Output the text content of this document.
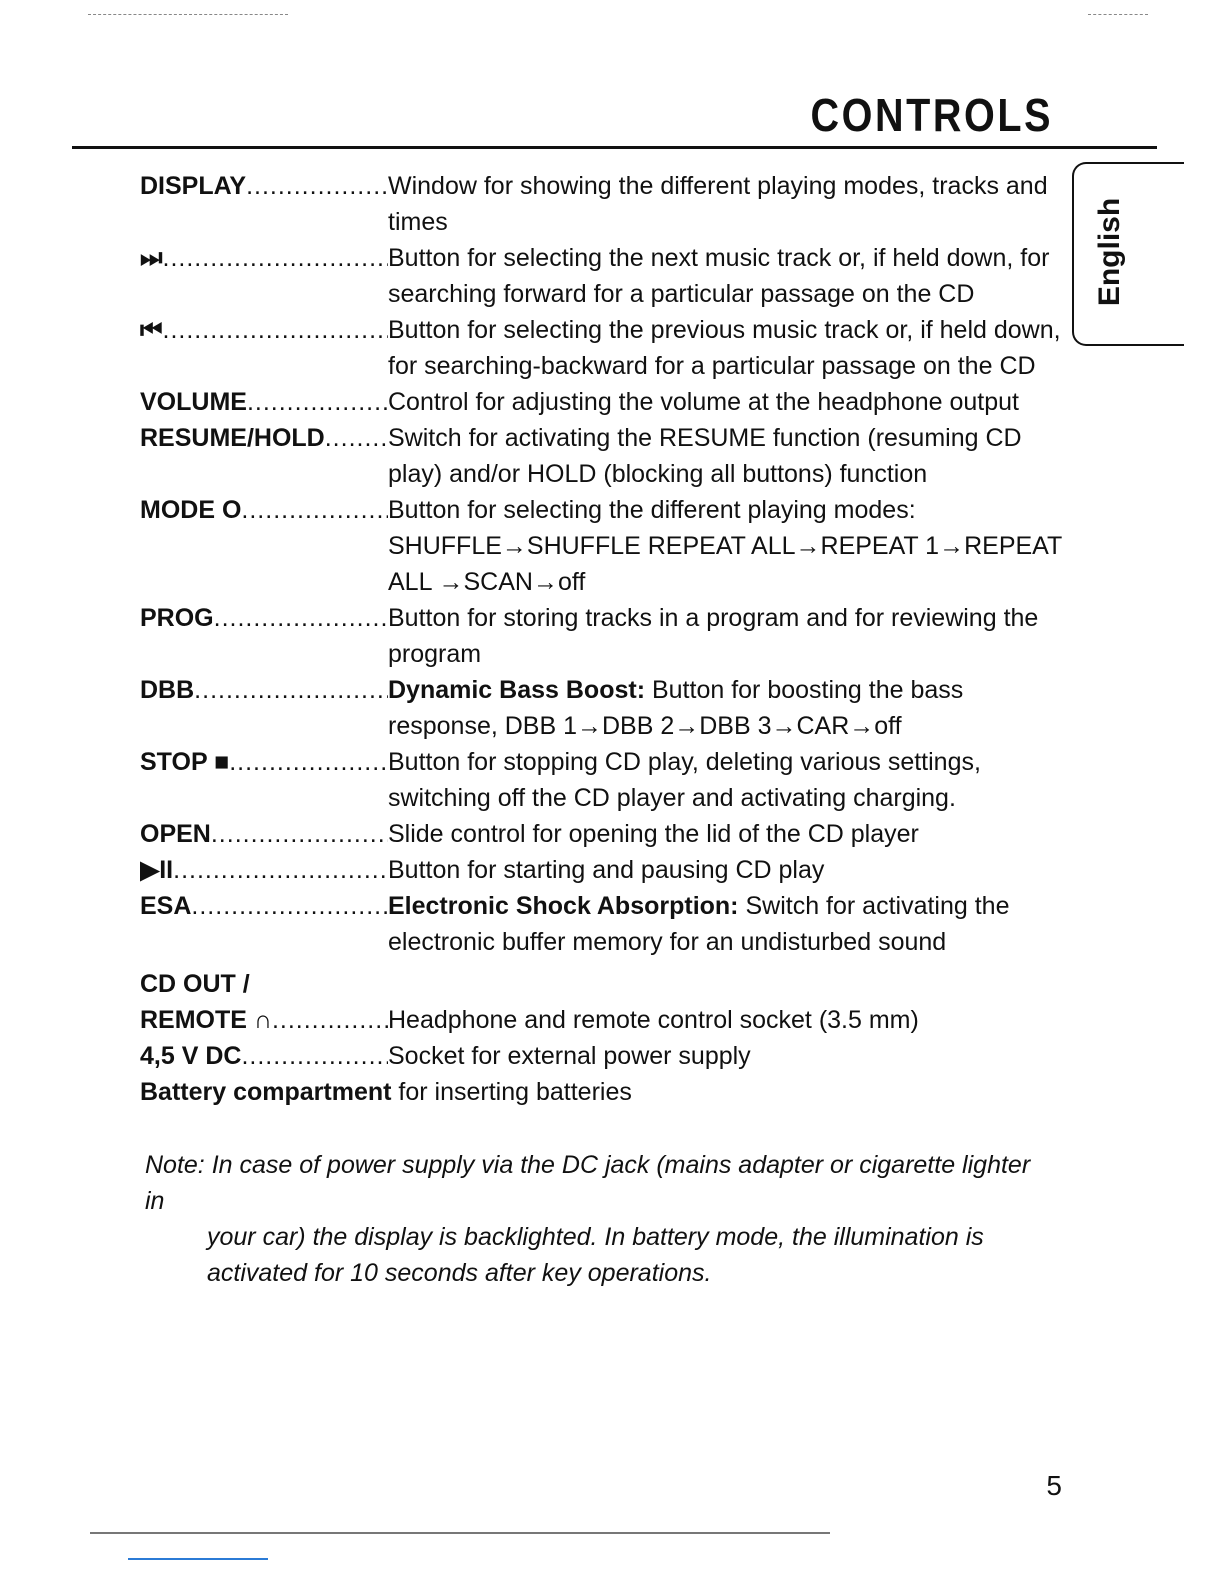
CONTROLS
English
DISPLAY .....	Window for showing the different playing modes, tracks and times
⏭ .....	Button for selecting the next music track or, if held down, for searching forward for a particular passage on the CD
⏮ .....	Button for selecting the previous music track or, if held down, for searching-backward for a particular passage on the CD
VOLUME .....	Control for adjusting the volume at the headphone output
RESUME/HOLD .....	Switch for activating the RESUME function (resuming CD play) and/or HOLD (blocking all buttons) function
MODE O .....	Button for selecting the different playing modes: SHUFFLE→SHUFFLE REPEAT ALL→REPEAT 1→REPEAT ALL →SCAN→off
PROG .....	Button for storing tracks in a program and for reviewing the program
DBB .....	Dynamic Bass Boost: Button for boosting the bass response, DBB 1→DBB 2→DBB 3→CAR→off
STOP ■ .....	Button for stopping CD play, deleting various settings, switching off the CD player and activating charging.
OPEN .....	Slide control for opening the lid of the CD player
▶II .....	Button for starting and pausing CD play
ESA .....	Electronic Shock Absorption: Switch for activating the electronic buffer memory for an undisturbed sound
CD OUT /
REMOTE ∩ .....	Headphone and remote control socket (3.5 mm)
4,5 V DC .....	Socket for external power supply
Battery compartment for inserting batteries
Note: In case of power supply via the DC jack (mains adapter or cigarette lighter in
your car) the display is backlighted. In battery mode, the illumination is activated for 10 seconds after key operations.
5
